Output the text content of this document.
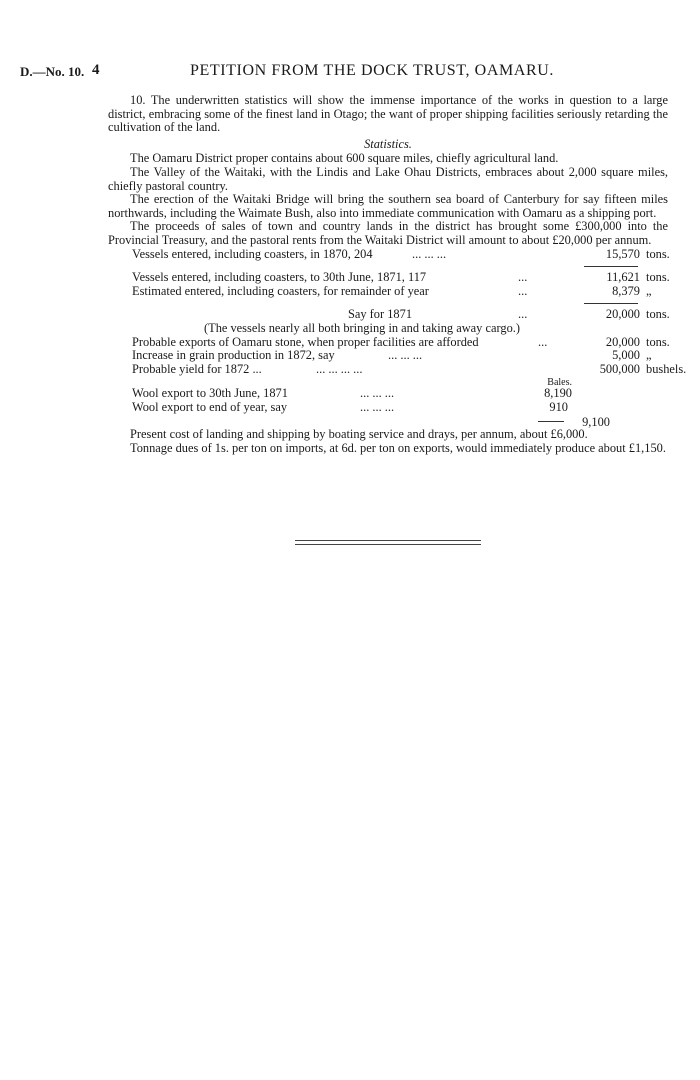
D.—No. 10. 4	PETITION FROM THE DOCK TRUST, OAMARU.

10. The underwritten statistics will show the immense importance of the works in question to a large district, embracing some of the finest land in Otago; the want of proper shipping facilities seriously retarding the cultivation of the land.

Statistics.

The Oamaru District proper contains about 600 square miles, chiefly agricultural land.

The Valley of the Waitaki, with the Lindis and Lake Ohau Districts, embraces about 2,000 square miles, chiefly pastoral country.

The erection of the Waitaki Bridge will bring the southern sea board of Canterbury for say fifteen miles northwards, including the Waimate Bush, also into immediate communication with Oamaru as a shipping port.

The proceeds of sales of town and country lands in the district has brought some £300,000 into the Provincial Treasury, and the pastoral rents from the Waitaki District will amount to about £20,000 per annum.

Vessels entered, including coasters, in 1870, 204	... ... ...	15,570 tons.
Vessels entered, including coasters, to 30th June, 1871, 117	...	11,621 tons.
Estimated entered, including coasters, for remainder of year	...	8,379 „
Say for 1871	...	20,000 tons.
(The vessels nearly all both bringing in and taking away cargo.)
Probable exports of Oamaru stone, when proper facilities are afforded	...	20,000 tons.
Increase in grain production in 1872, say	... ... ...	5,000 „
Probable yield for 1872 ...	... ... ... ...	500,000 bushels.
Bales.
Wool export to 30th June, 1871	... ... ...	8,190
Wool export to end of year, say	... ... ...	910
9,100

Present cost of landing and shipping by boating service and drays, per annum, about £6,000.

Tonnage dues of 1s. per ton on imports, at 6d. per ton on exports, would immediately produce about £1,150.
